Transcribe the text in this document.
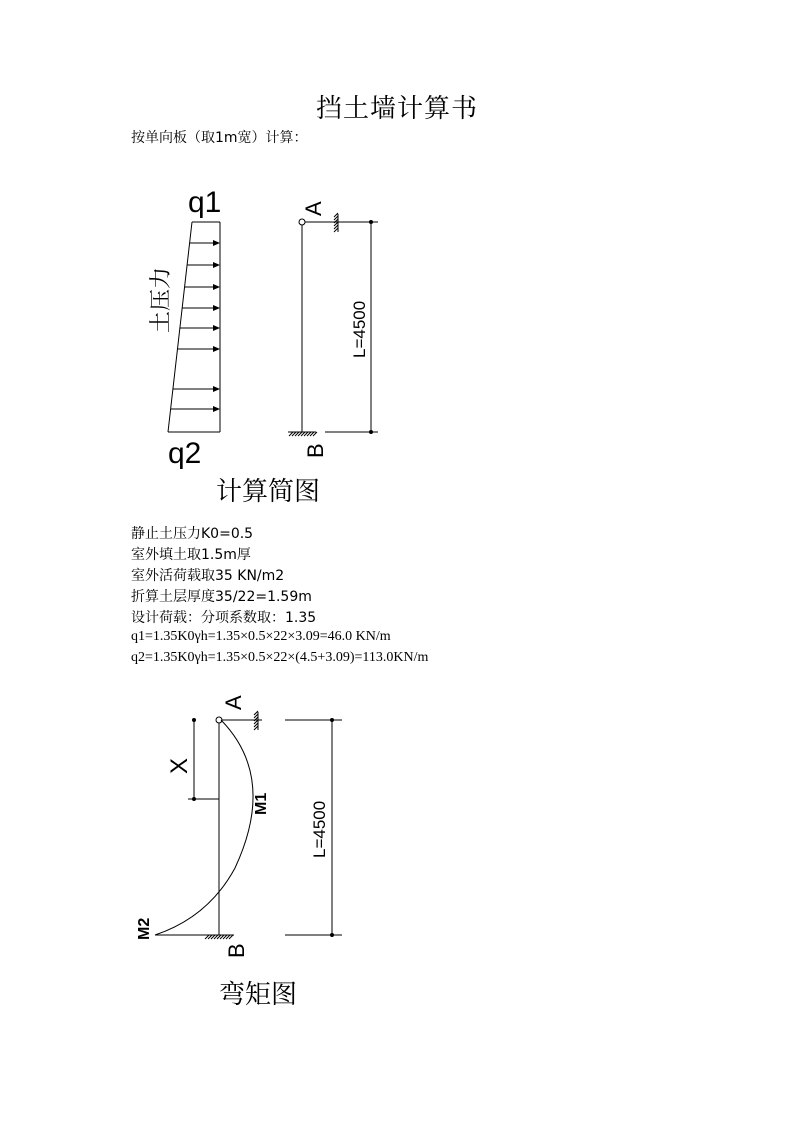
挡土墙计算书
按单向板（取1m宽）计算：
q1
q2
土压力
A
B
L=4500
计算简图
X
M1
M2
A
B
L=4500
弯矩图
静止土压力K0=0.5
室外填土取1.5m厚
室外活荷载取35 KN/m2
折算土层厚度35/22=1.59m
设计荷载：分项系数取：1.35
q1=1.35K0γh=1.35×0.5×22×3.09=46.0 KN/m
q2=1.35K0γh=1.35×0.5×22×(4.5+3.09)=113.0KN/m
